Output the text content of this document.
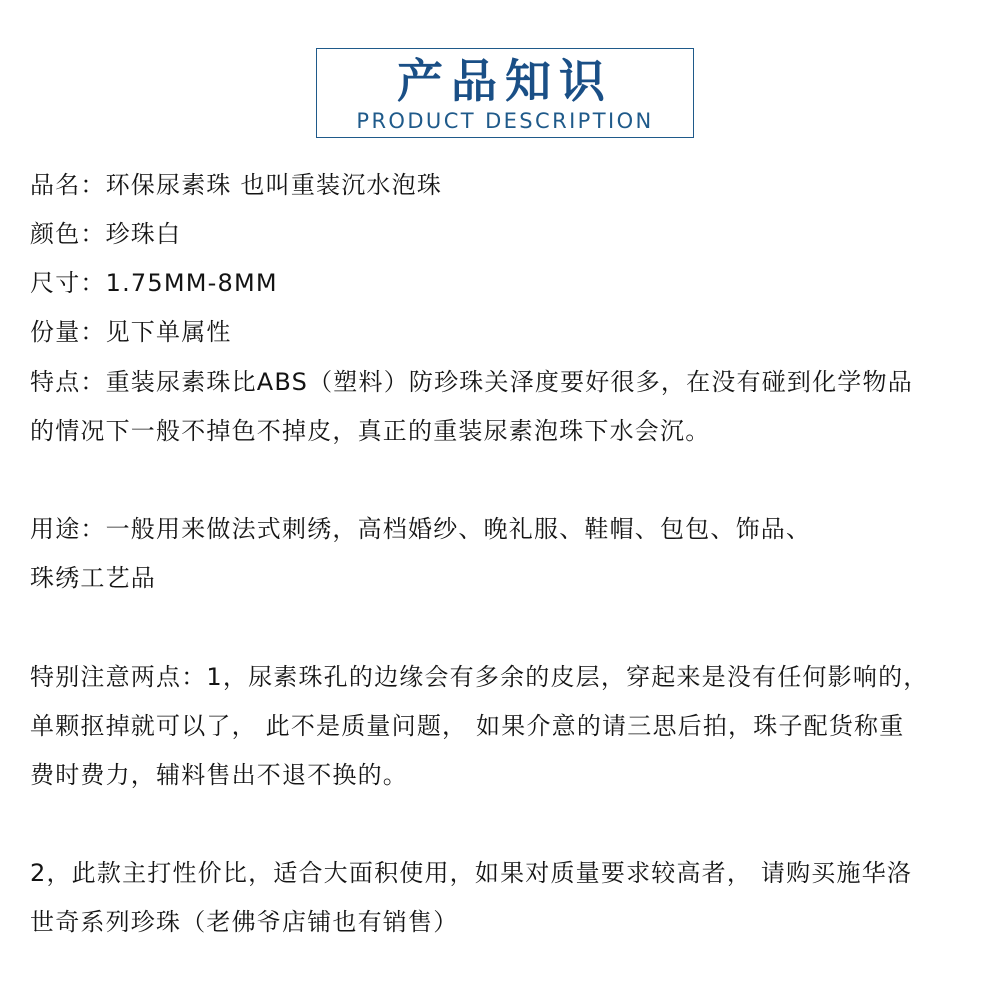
产品知识
PRODUCT DESCRIPTION
品名：环保尿素珠 也叫重装沉水泡珠
颜色：珍珠白
尺寸：1.75MM-8MM
份量：见下单属性
特点：重装尿素珠比ABS（塑料）防珍珠关泽度要好很多，在没有碰到化学物品
的情况下一般不掉色不掉皮，真正的重装尿素泡珠下水会沉。
用途：一般用来做法式刺绣，高档婚纱、晚礼服、鞋帽、包包、饰品、
珠绣工艺品
特别注意两点：1，尿素珠孔的边缘会有多余的皮层，穿起来是没有任何影响的，
单颗抠掉就可以了， 此不是质量问题， 如果介意的请三思后拍，珠子配货称重
费时费力，辅料售出不退不换的。
2，此款主打性价比，适合大面积使用，如果对质量要求较高者， 请购买施华洛
世奇系列珍珠（老佛爷店铺也有销售）
